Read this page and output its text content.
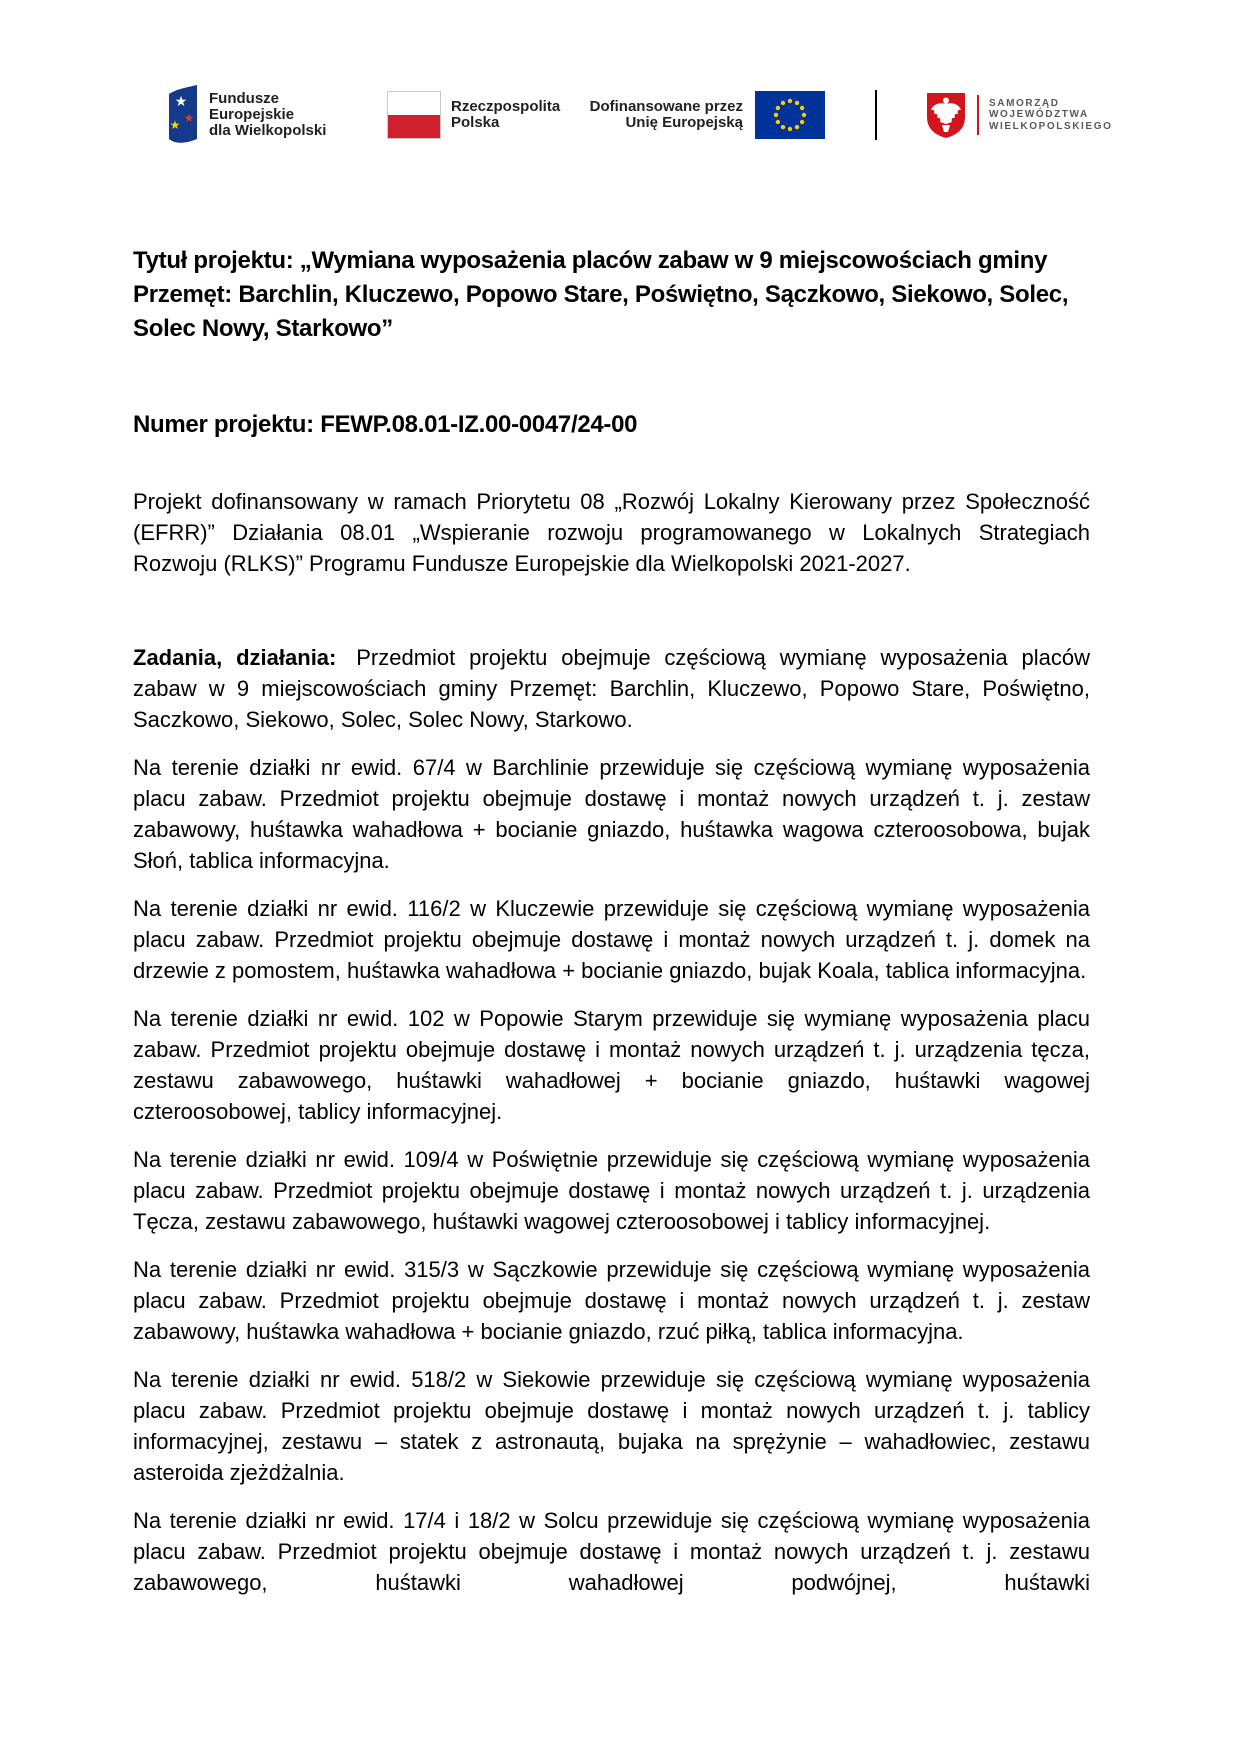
★
★
★
Fundusze Europejskie
dla Wielkopolski
Rzeczpospolita
Polska
Dofinansowane przez
Unię Europejską
SAMORZĄD
WOJEWÓDZTWA
WIELKOPOLSKIEGO

Tytuł projektu: „Wymiana wyposażenia placów zabaw w 9 miejscowościach gminy Przemęt: Barchlin, Kluczewo, Popowo Stare, Poświętno, Sączkowo, Siekowo, Solec, Solec Nowy, Starkowo”

Numer projektu: FEWP.08.01-IZ.00-0047/24-00

Projekt dofinansowany w ramach Priorytetu 08 „Rozwój Lokalny Kierowany przez Społeczność (EFRR)” Działania 08.01 „Wspieranie rozwoju programowanego w Lokalnych Strategiach Rozwoju (RLKS)” Programu Fundusze Europejskie dla Wielkopolski 2021-2027.

Zadania, działania: Przedmiot projektu obejmuje częściową wymianę wyposażenia placów zabaw w 9 miejscowościach gminy Przemęt: Barchlin, Kluczewo, Popowo Stare, Poświętno, Saczkowo, Siekowo, Solec, Solec Nowy, Starkowo.

Na terenie działki nr ewid. 67/4 w Barchlinie przewiduje się częściową wymianę wyposażenia placu zabaw. Przedmiot projektu obejmuje dostawę i montaż nowych urządzeń t. j. zestaw zabawowy, huśtawka wahadłowa + bocianie gniazdo, huśtawka wagowa czteroosobowa, bujak Słoń, tablica informacyjna.

Na terenie działki nr ewid. 116/2 w Kluczewie przewiduje się częściową wymianę wyposażenia placu zabaw. Przedmiot projektu obejmuje dostawę i montaż nowych urządzeń t. j. domek na drzewie z pomostem, huśtawka wahadłowa + bocianie gniazdo, bujak Koala, tablica informacyjna.

Na terenie działki nr ewid. 102 w Popowie Starym przewiduje się wymianę wyposażenia placu zabaw. Przedmiot projektu obejmuje dostawę i montaż nowych urządzeń t. j. urządzenia tęcza, zestawu zabawowego, huśtawki wahadłowej + bocianie gniazdo, huśtawki wagowej czteroosobowej, tablicy informacyjnej.

Na terenie działki nr ewid. 109/4 w Poświętnie przewiduje się częściową wymianę wyposażenia placu zabaw. Przedmiot projektu obejmuje dostawę i montaż nowych urządzeń t. j. urządzenia Tęcza, zestawu zabawowego, huśtawki wagowej czteroosobowej i tablicy informacyjnej.

Na terenie działki nr ewid. 315/3 w Sączkowie przewiduje się częściową wymianę wyposażenia placu zabaw. Przedmiot projektu obejmuje dostawę i montaż nowych urządzeń t. j. zestaw zabawowy, huśtawka wahadłowa + bocianie gniazdo, rzuć piłką, tablica informacyjna.

Na terenie działki nr ewid. 518/2 w Siekowie przewiduje się częściową wymianę wyposażenia placu zabaw. Przedmiot projektu obejmuje dostawę i montaż nowych urządzeń t. j. tablicy informacyjnej, zestawu – statek z astronautą, bujaka na sprężynie – wahadłowiec, zestawu asteroida zjeżdżalnia.

Na terenie działki nr ewid. 17/4 i 18/2 w Solcu przewiduje się częściową wymianę wyposażenia placu zabaw. Przedmiot projektu obejmuje dostawę i montaż nowych urządzeń t. j. zestawu zabawowego, huśtawki wahadłowej podwójnej, huśtawki
